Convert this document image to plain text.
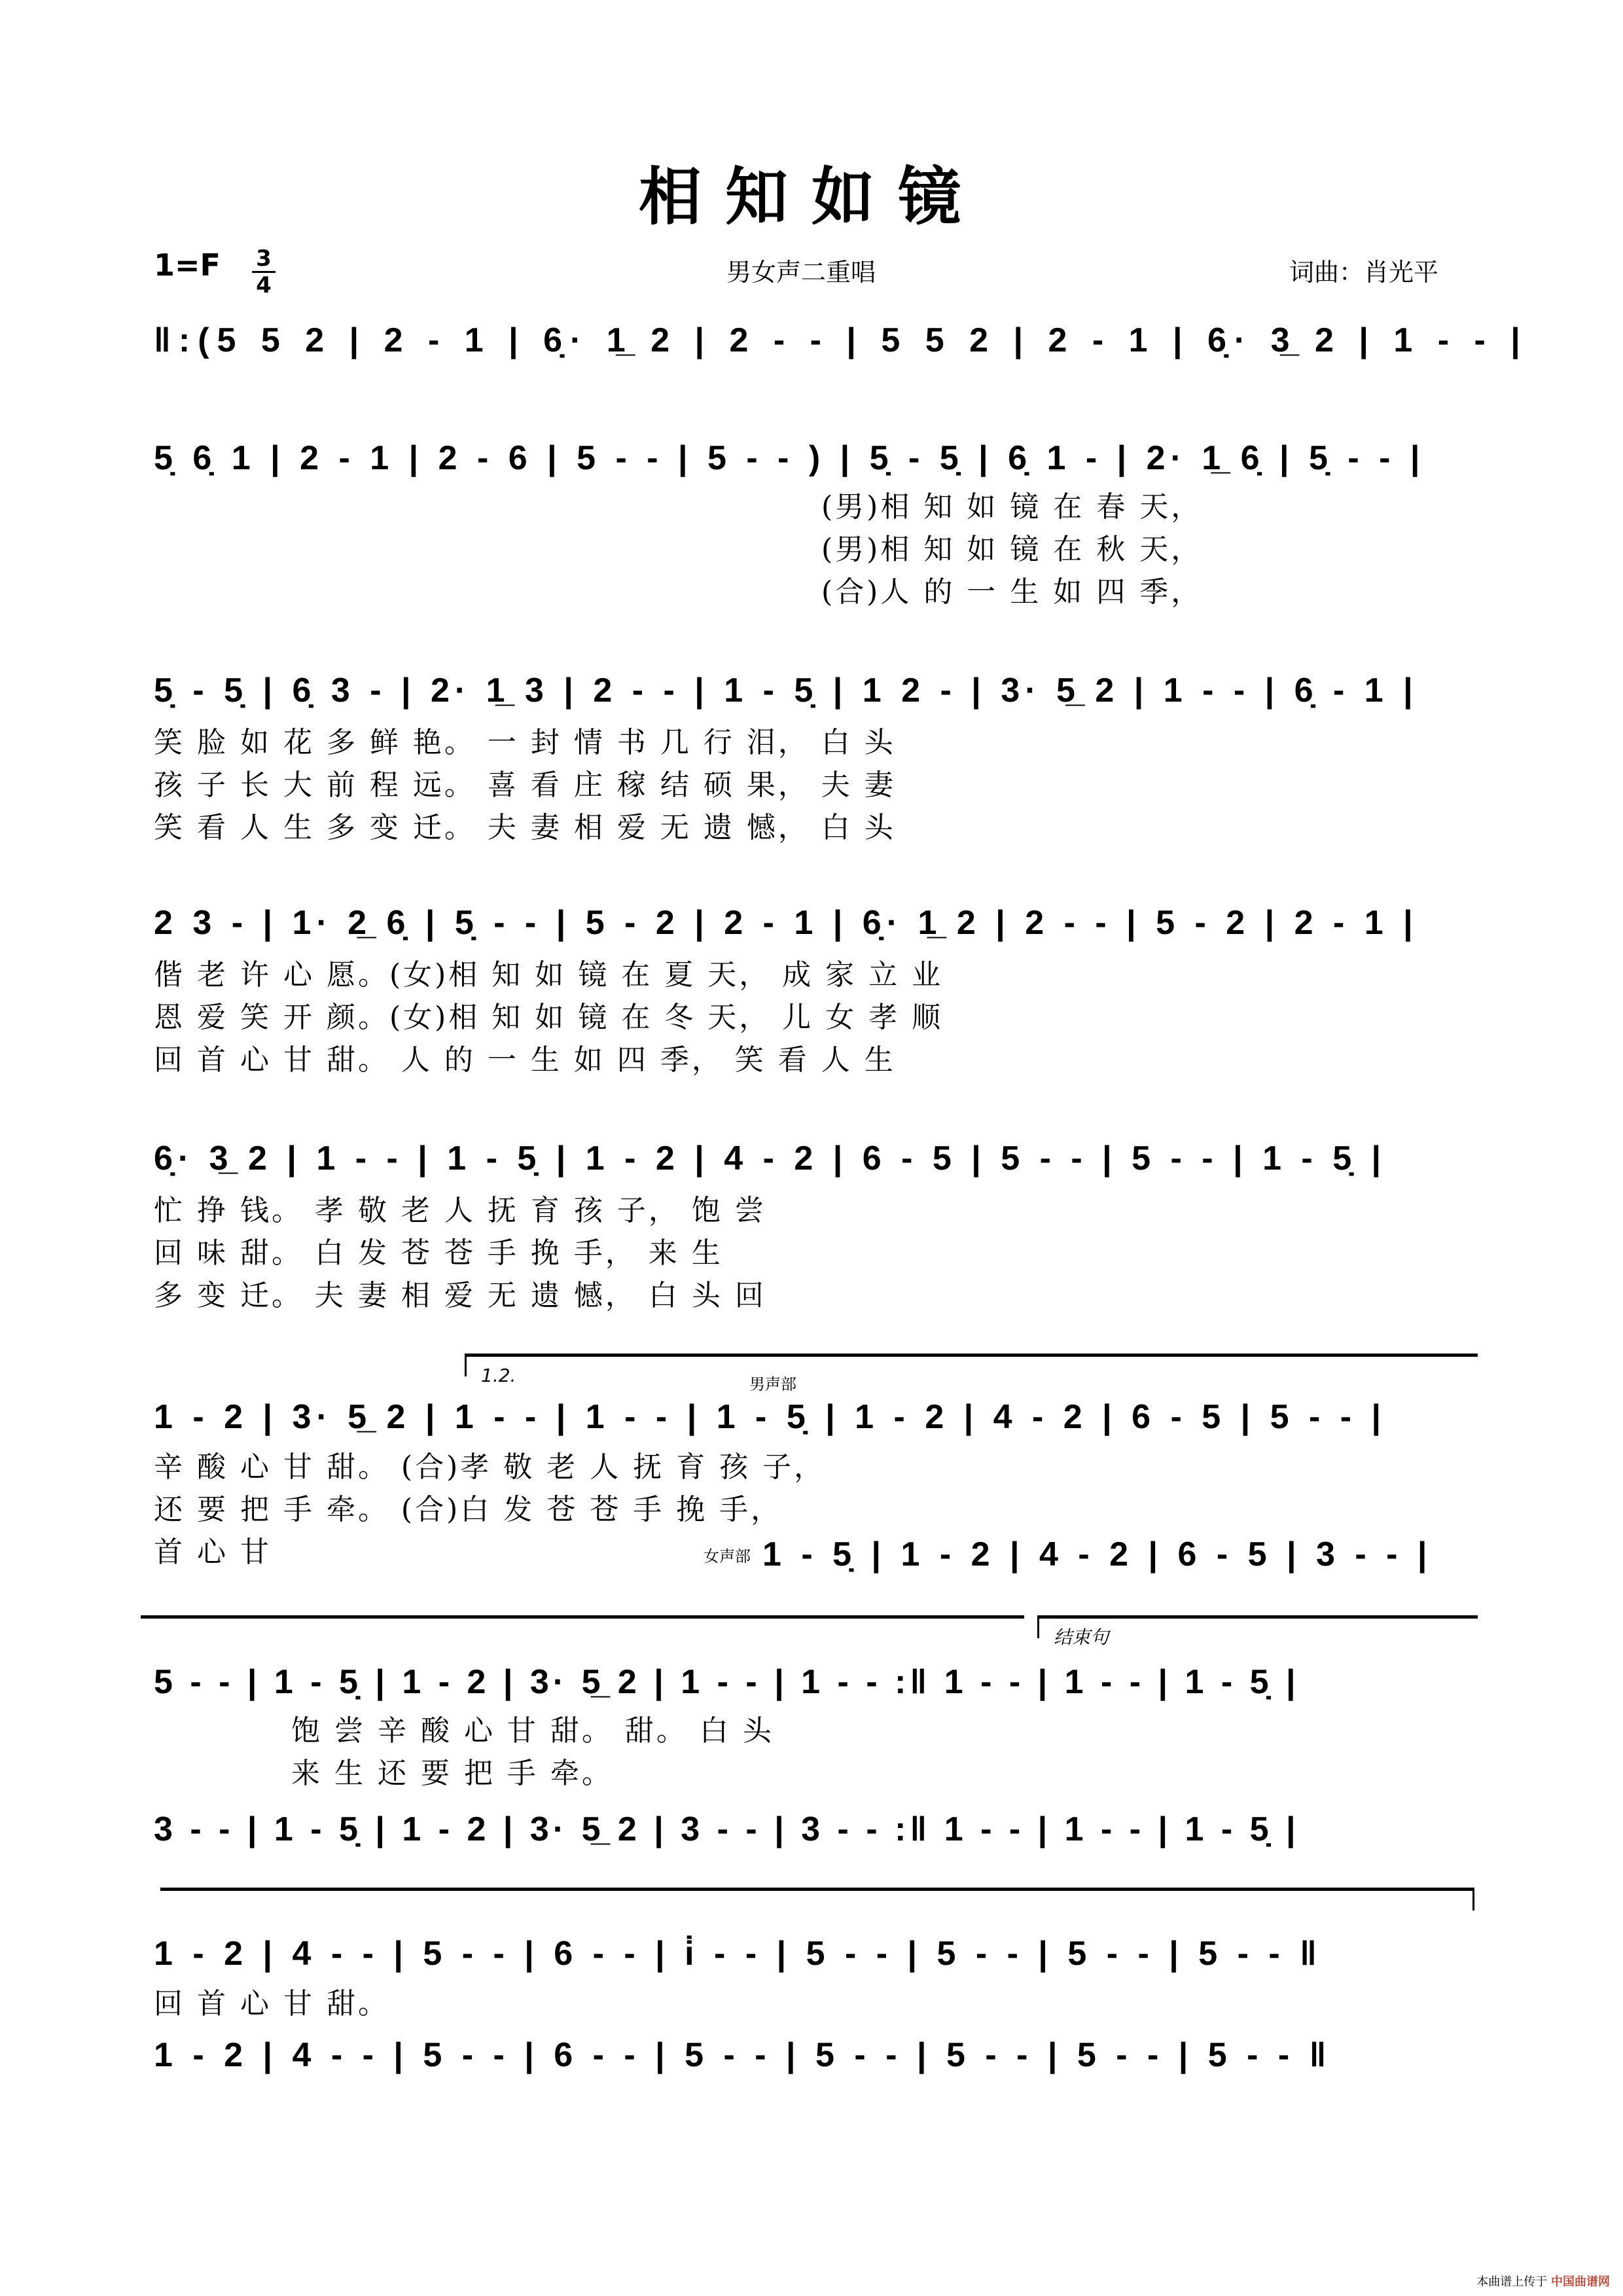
相知如镜
1=F 3
4	男女声二重唱	词曲：肖光平
‖:(5 5 2 | 2 - 1 | 6̣· 1̲ 2 | 2 - - | 5 5 2 | 2 - 1 | 6̣· 3̲ 2 | 1 - - |
5̣ 6̣ 1 | 2 - 1 | 2 - 6 | 5 - - | 5 - - ) | 5̣ - 5̣ | 6̣ 1 - | 2· 1̲ 6̣ | 5̣ - - |
(男)相 知 如 镜 在 春 天，
(男)相 知 如 镜 在 秋 天，
(合)人 的 一 生 如 四 季，
5̣ - 5̣ | 6̣ 3 - | 2· 1̲ 3 | 2 - - | 1 - 5̣ | 1 2 - | 3· 5̲ 2 | 1 - - | 6̣ - 1 |
笑 脸 如 花 多 鲜 艳。 一 封 情 书 几 行 泪， 白 头
孩 子 长 大 前 程 远。 喜 看 庄 稼 结 硕 果， 夫 妻
笑 看 人 生 多 变 迁。 夫 妻 相 爱 无 遗 憾， 白 头
2 3 - | 1· 2̲ 6̣ | 5̣ - - | 5 - 2 | 2 - 1 | 6̣· 1̲ 2 | 2 - - | 5 - 2 | 2 - 1 |
偕 老 许 心 愿。(女)相 知 如 镜 在 夏 天， 成 家 立 业
恩 爱 笑 开 颜。(女)相 知 如 镜 在 冬 天， 儿 女 孝 顺
回 首 心 甘 甜。 人 的 一 生 如 四 季， 笑 看 人 生
6̣· 3̲ 2 | 1 - - | 1 - 5̣ | 1 - 2 | 4 - 2 | 6 - 5 | 5 - - | 5 - - | 1 - 5̣ |
忙 挣 钱。 孝 敬 老 人 抚 育 孩 子， 饱 尝
回 味 甜。 白 发 苍 苍 手 挽 手， 来 生
多 变 迁。 夫 妻 相 爱 无 遗 憾， 白 头 回
1.2.	男声部
1 - 2 | 3· 5̲ 2 | 1 - - | 1 - - | 1 - 5̣ | 1 - 2 | 4 - 2 | 6 - 5 | 5 - - |
辛 酸 心 甘 甜。 (合)孝 敬 老 人 抚 育 孩 子，
还 要 把 手 牵。 (合)白 发 苍 苍 手 挽 手，
首 心 甘	女声部 1 - 5̣ | 1 - 2 | 4 - 2 | 6 - 5 | 3 - - |
结束句
5 - - | 1 - 5̣ | 1 - 2 | 3· 5̲ 2 | 1 - - | 1 - - :‖ 1 - - | 1 - - | 1 - 5̣ |
饱 尝 辛 酸 心 甘 甜。 甜。 白 头
来 生 还 要 把 手 牵。
3 - - | 1 - 5̣ | 1 - 2 | 3· 5̲ 2 | 3 - - | 3 - - :‖ 1 - - | 1 - - | 1 - 5̣ |
1 - 2 | 4 - - | 5 - - | 6 - - | i̇ - - | 5 - - | 5 - - | 5 - - | 5 - - ‖
回 首 心 甘 甜。
1 - 2 | 4 - - | 5 - - | 6 - - | 5 - - | 5 - - | 5 - - | 5 - - | 5 - - ‖
本曲谱上传于 中国曲谱网
